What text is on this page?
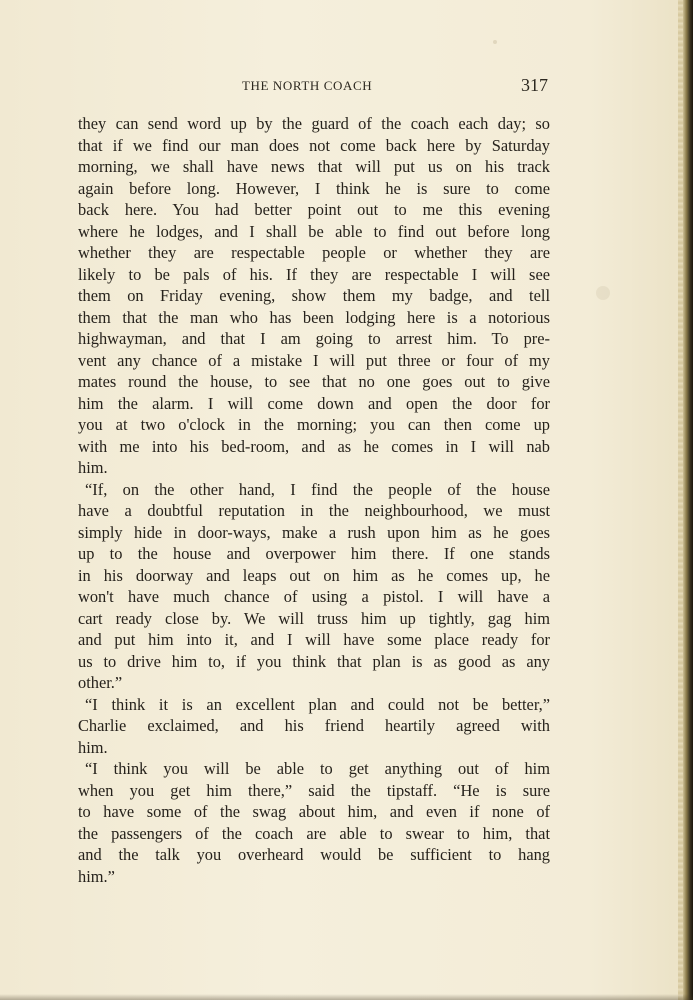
THE NORTH COACH	317
they can send word up by the guard of the coach each day; so
that if we find our man does not come back here by Saturday
morning, we shall have news that will put us on his track
again before long. However, I think he is sure to come
back here. You had better point out to me this evening
where he lodges, and I shall be able to find out before long
whether they are respectable people or whether they are
likely to be pals of his. If they are respectable I will see
them on Friday evening, show them my badge, and tell
them that the man who has been lodging here is a notorious
highwayman, and that I am going to arrest him. To pre-
vent any chance of a mistake I will put three or four of my
mates round the house, to see that no one goes out to give
him the alarm. I will come down and open the door for
you at two o'clock in the morning; you can then come up
with me into his bed-room, and as he comes in I will nab
him.
“If, on the other hand, I find the people of the house
have a doubtful reputation in the neighbourhood, we must
simply hide in door-ways, make a rush upon him as he goes
up to the house and overpower him there. If one stands
in his doorway and leaps out on him as he comes up, he
won't have much chance of using a pistol. I will have a
cart ready close by. We will truss him up tightly, gag him
and put him into it, and I will have some place ready for
us to drive him to, if you think that plan is as good as any
other.”
“I think it is an excellent plan and could not be better,”
Charlie exclaimed, and his friend heartily agreed with
him.
“I think you will be able to get anything out of him
when you get him there,” said the tipstaff. “He is sure
to have some of the swag about him, and even if none of
the passengers of the coach are able to swear to him, that
and the talk you overheard would be sufficient to hang
him.”
